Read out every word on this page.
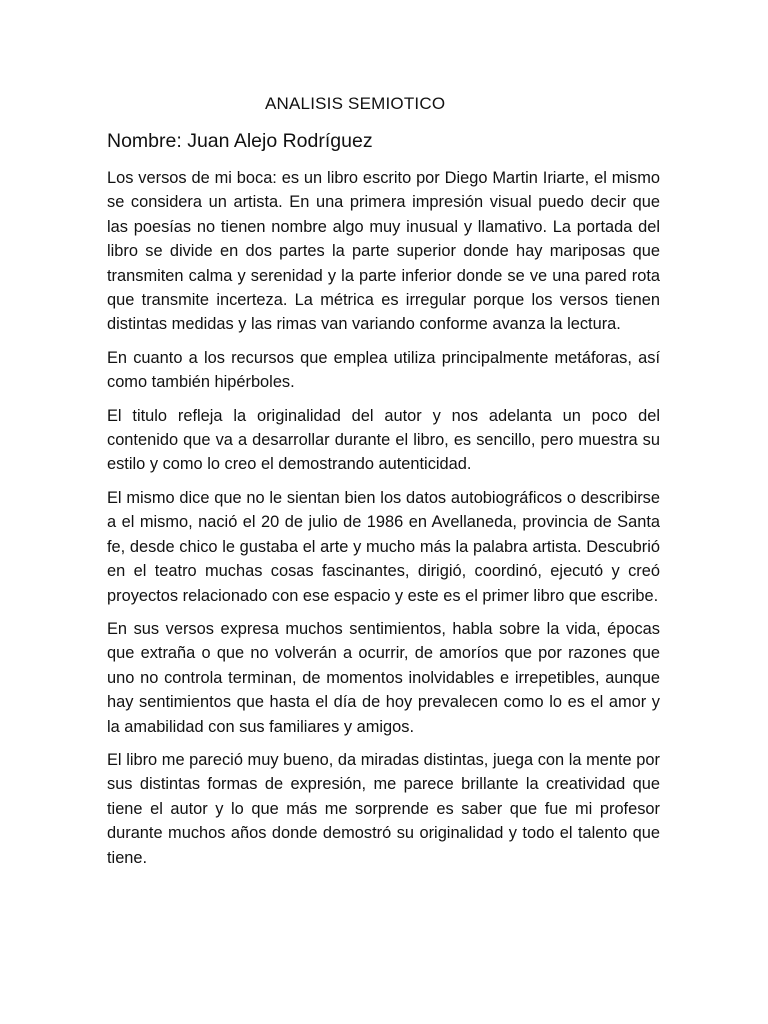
ANALISIS SEMIOTICO
Nombre: Juan Alejo Rodríguez

Los versos de mi boca: es un libro escrito por Diego Martin Iriarte, el mismo se considera un artista. En una primera impresión visual puedo decir que las poesías no tienen nombre algo muy inusual y llamativo. La portada del libro se divide en dos partes la parte superior donde hay mariposas que transmiten calma y serenidad y la parte inferior donde se ve una pared rota que transmite incerteza. La métrica es irregular porque los versos tienen distintas medidas y las rimas van variando conforme avanza la lectura.

En cuanto a los recursos que emplea utiliza principalmente metáforas, así como también hipérboles.

El titulo refleja la originalidad del autor y nos adelanta un poco del contenido que va a desarrollar durante el libro, es sencillo, pero muestra su estilo y como lo creo el demostrando autenticidad.

El mismo dice que no le sientan bien los datos autobiográficos o describirse a el mismo, nació el 20 de julio de 1986 en Avellaneda, provincia de Santa fe, desde chico le gustaba el arte y mucho más la palabra artista. Descubrió en el teatro muchas cosas fascinantes, dirigió, coordinó, ejecutó y creó proyectos relacionado con ese espacio y este es el primer libro que escribe.

En sus versos expresa muchos sentimientos, habla sobre la vida, épocas que extraña o que no volverán a ocurrir, de amoríos que por razones que uno no controla terminan, de momentos inolvidables e irrepetibles, aunque hay sentimientos que hasta el día de hoy prevalecen como lo es el amor y la amabilidad con sus familiares y amigos.

El libro me pareció muy bueno, da miradas distintas, juega con la mente por sus distintas formas de expresión, me parece brillante la creatividad que tiene el autor y lo que más me sorprende es saber que fue mi profesor durante muchos años donde demostró su originalidad y todo el talento que tiene.
